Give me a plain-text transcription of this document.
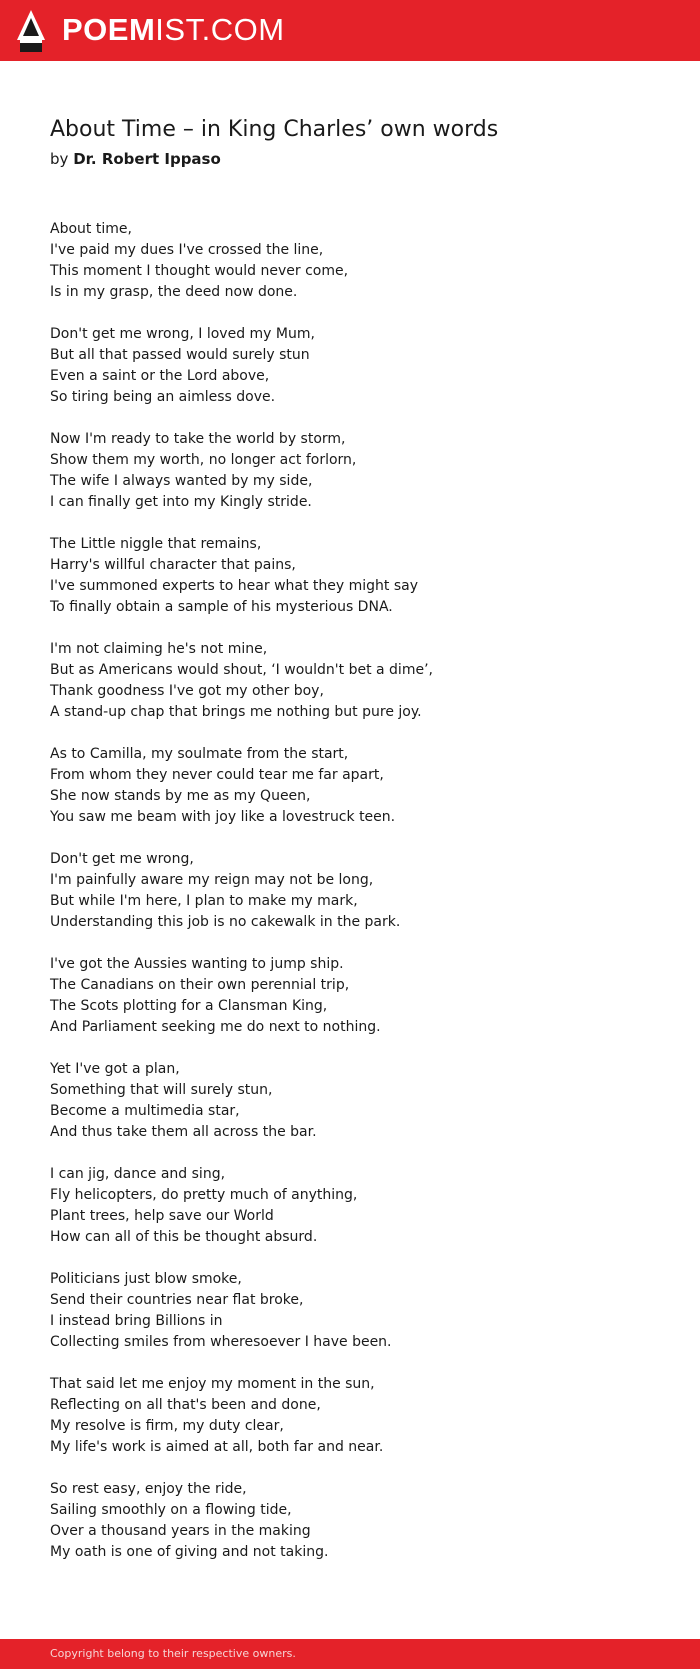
POEMIST.COM
About Time – in King Charles’ own words
by Dr. Robert Ippaso
About time,
I've paid my dues I've crossed the line,
This moment I thought would never come,
Is in my grasp, the deed now done.
Don't get me wrong, I loved my Mum,
But all that passed would surely stun
Even a saint or the Lord above,
So tiring being an aimless dove.
Now I'm ready to take the world by storm,
Show them my worth, no longer act forlorn,
The wife I always wanted by my side,
I can finally get into my Kingly stride.
The Little niggle that remains,
Harry's willful character that pains,
I've summoned experts to hear what they might say
To finally obtain a sample of his mysterious DNA.
I'm not claiming he's not mine,
But as Americans would shout, ‘I wouldn't bet a dime’,
Thank goodness I've got my other boy,
A stand-up chap that brings me nothing but pure joy.
As to Camilla, my soulmate from the start,
From whom they never could tear me far apart,
She now stands by me as my Queen,
You saw me beam with joy like a lovestruck teen.
Don't get me wrong,
I'm painfully aware my reign may not be long,
But while I'm here, I plan to make my mark,
Understanding this job is no cakewalk in the park.
I've got the Aussies wanting to jump ship.
The Canadians on their own perennial trip,
The Scots plotting for a Clansman King,
And Parliament seeking me do next to nothing.
Yet I've got a plan,
Something that will surely stun,
Become a multimedia star,
And thus take them all across the bar.
I can jig, dance and sing,
Fly helicopters, do pretty much of anything,
Plant trees, help save our World
How can all of this be thought absurd.
Politicians just blow smoke,
Send their countries near flat broke,
I instead bring Billions in
Collecting smiles from wheresoever I have been.
That said let me enjoy my moment in the sun,
Reflecting on all that's been and done,
My resolve is firm, my duty clear,
My life's work is aimed at all, both far and near.
So rest easy, enjoy the ride,
Sailing smoothly on a flowing tide,
Over a thousand years in the making
My oath is one of giving and not taking.
Copyright belong to their respective owners.
